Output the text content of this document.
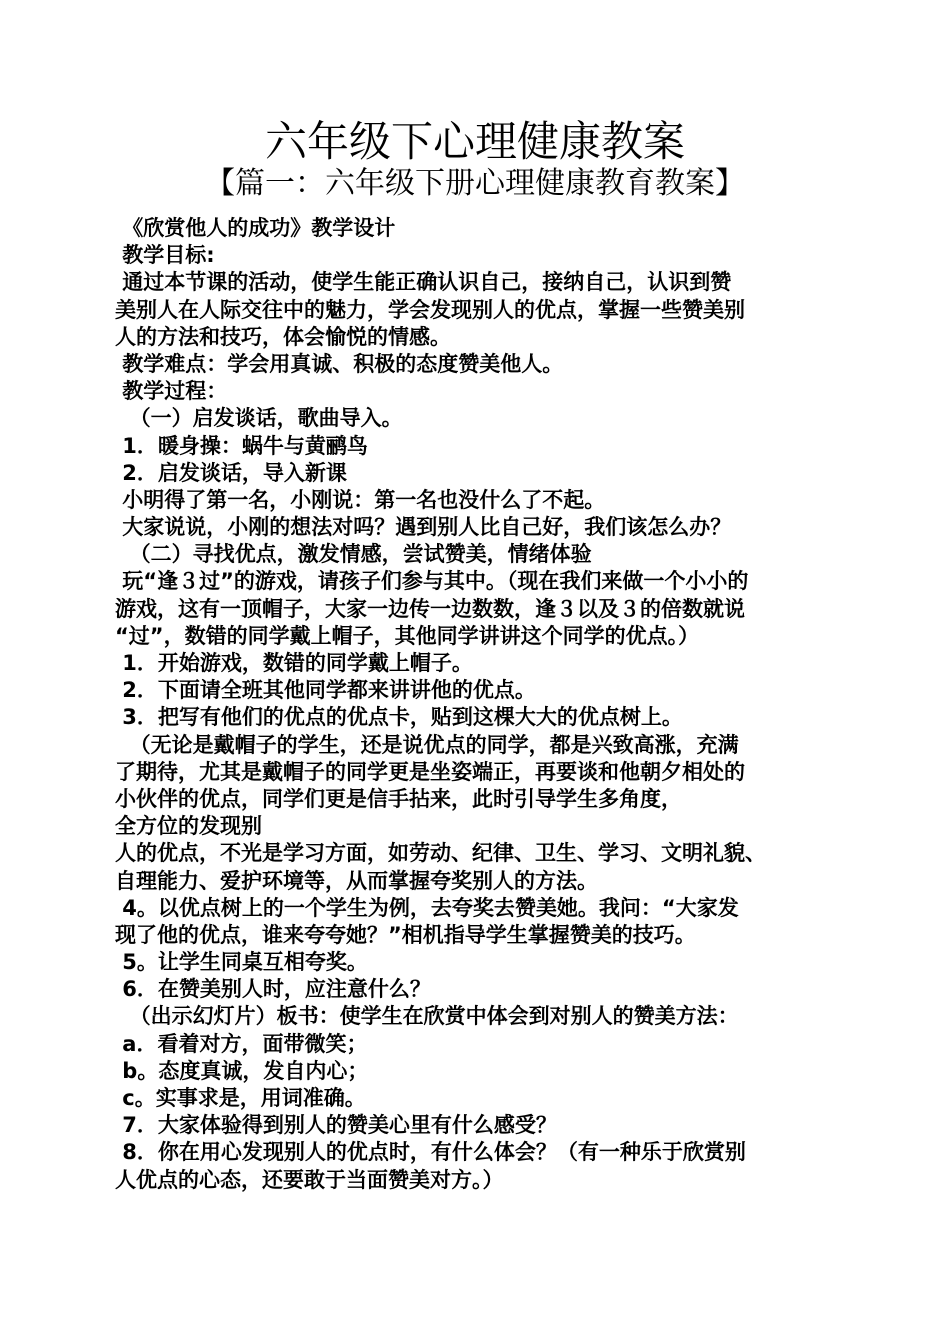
六年级下心理健康教案
【篇一：六年级下册心理健康教育教案】
《欣赏他人的成功》教学设计
教学目标:
通过本节课的活动，使学生能正确认识自己，接纳自己，认识到赞
美别人在人际交往中的魅力，学会发现别人的优点，掌握一些赞美别
人的方法和技巧，体会愉悦的情感。
教学难点：学会用真诚、积极的态度赞美他人。
教学过程：
（一）启发谈话，歌曲导入。
1．暖身操：蜗牛与黄鹂鸟
2．启发谈话，导入新课
小明得了第一名，小刚说：第一名也没什么了不起。
大家说说，小刚的想法对吗？遇到别人比自己好，我们该怎么办？
（二）寻找优点，激发情感，尝试赞美，情绪体验
玩“逢３过”的游戏，请孩子们参与其中。（现在我们来做一个小小的
游戏，这有一顶帽子，大家一边传一边数数，逢３以及３的倍数就说
“过”，数错的同学戴上帽子，其他同学讲讲这个同学的优点。）
1．开始游戏，数错的同学戴上帽子。
2．下面请全班其他同学都来讲讲他的优点。
3．把写有他们的优点的优点卡，贴到这棵大大的优点树上。
（无论是戴帽子的学生，还是说优点的同学，都是兴致高涨，充满
了期待，尤其是戴帽子的同学更是坐姿端正，再要谈和他朝夕相处的
小伙伴的优点，同学们更是信手拈来，此时引导学生多角度，
全方位的发现别
人的优点，不光是学习方面，如劳动、纪律、卫生、学习、文明礼貌、
自理能力、爱护环境等，从而掌握夸奖别人的方法。
4。以优点树上的一个学生为例，去夸奖去赞美她。我问：“大家发
现了他的优点，谁来夸夸她？”相机指导学生掌握赞美的技巧。
5。让学生同桌互相夸奖。
6．在赞美别人时，应注意什么？
（出示幻灯片）板书：使学生在欣赏中体会到对别人的赞美方法：
a．看着对方，面带微笑；
b。态度真诚，发自内心；
c。实事求是，用词准确。
7．大家体验得到别人的赞美心里有什么感受？
8．你在用心发现别人的优点时，有什么体会？（有一种乐于欣赏别
人优点的心态，还要敢于当面赞美对方。）
